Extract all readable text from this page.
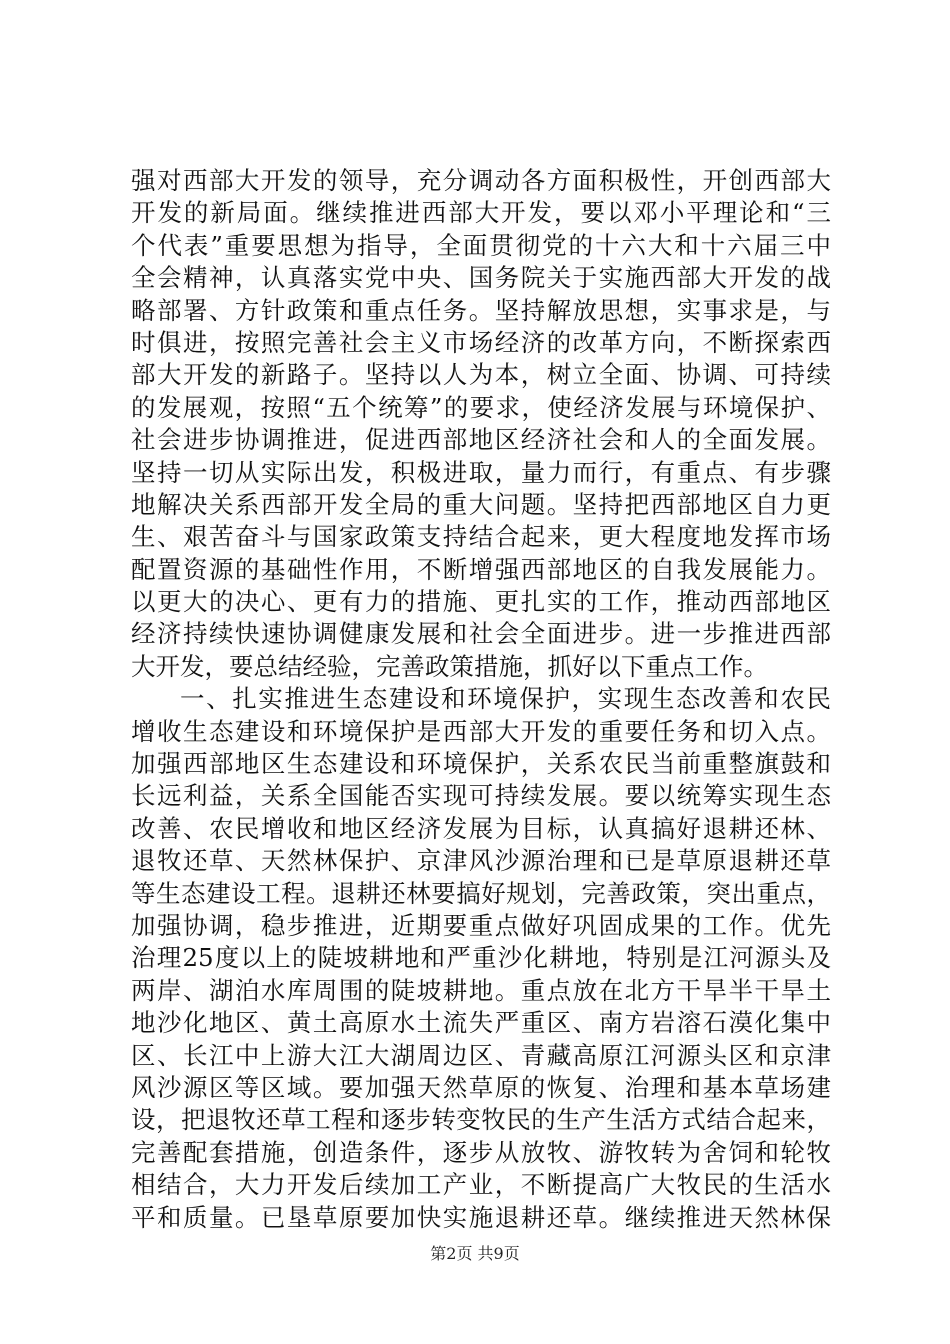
强对西部大开发的领导，充分调动各方面积极性，开创西部大
开发的新局面。继续推进西部大开发，要以邓小平理论和“三
个代表”重要思想为指导，全面贯彻党的十六大和十六届三中
全会精神，认真落实党中央、国务院关于实施西部大开发的战
略部署、方针政策和重点任务。坚持解放思想，实事求是，与
时俱进，按照完善社会主义市场经济的改革方向，不断探索西
部大开发的新路子。坚持以人为本，树立全面、协调、可持续
的发展观，按照“五个统筹”的要求，使经济发展与环境保护、
社会进步协调推进，促进西部地区经济社会和人的全面发展。
坚持一切从实际出发，积极进取，量力而行，有重点、有步骤
地解决关系西部开发全局的重大问题。坚持把西部地区自力更
生、艰苦奋斗与国家政策支持结合起来，更大程度地发挥市场
配置资源的基础性作用，不断增强西部地区的自我发展能力。
以更大的决心、更有力的措施、更扎实的工作，推动西部地区
经济持续快速协调健康发展和社会全面进步。进一步推进西部
大开发，要总结经验，完善政策措施，抓好以下重点工作。
一、扎实推进生态建设和环境保护，实现生态改善和农民
增收生态建设和环境保护是西部大开发的重要任务和切入点。
加强西部地区生态建设和环境保护，关系农民当前重整旗鼓和
长远利益，关系全国能否实现可持续发展。要以统筹实现生态
改善、农民增收和地区经济发展为目标，认真搞好退耕还林、
退牧还草、天然林保护、京津风沙源治理和已是草原退耕还草
等生态建设工程。退耕还林要搞好规划，完善政策，突出重点，
加强协调，稳步推进，近期要重点做好巩固成果的工作。优先
治理25度以上的陡坡耕地和严重沙化耕地，特别是江河源头及
两岸、湖泊水库周围的陡坡耕地。重点放在北方干旱半干旱土
地沙化地区、黄土高原水土流失严重区、南方岩溶石漠化集中
区、长江中上游大江大湖周边区、青藏高原江河源头区和京津
风沙源区等区域。要加强天然草原的恢复、治理和基本草场建
设，把退牧还草工程和逐步转变牧民的生产生活方式结合起来，
完善配套措施，创造条件，逐步从放牧、游牧转为舍饲和轮牧
相结合，大力开发后续加工产业，不断提高广大牧民的生活水
平和质量。已垦草原要加快实施退耕还草。继续推进天然林保
第2页 共9页
